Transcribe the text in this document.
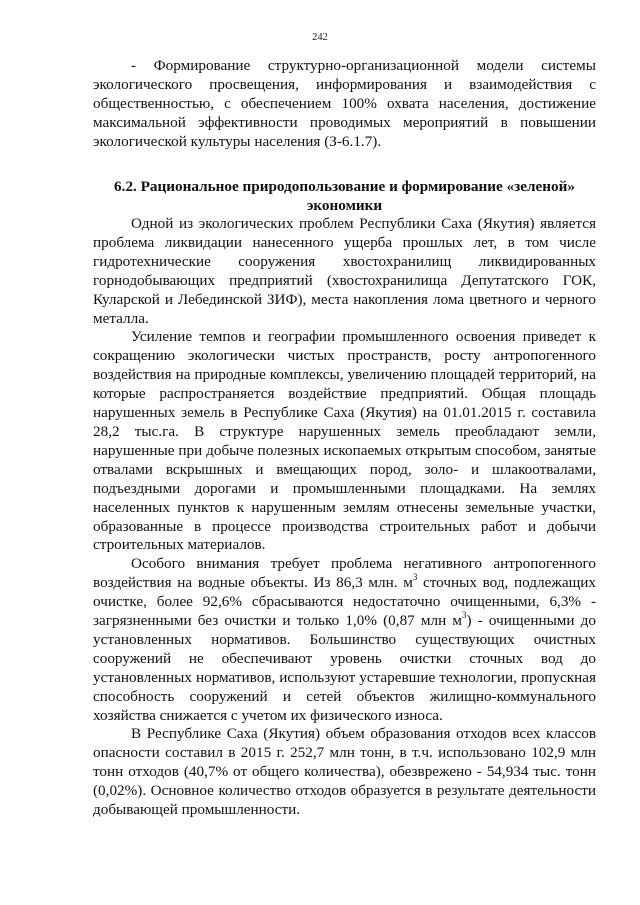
242

- Формирование структурно-организационной модели системы экологического просвещения, информирования и взаимодействия с общественностью, с обеспечением 100% охвата населения, достижение максимальной эффективности проводимых мероприятий в повышении экологической культуры населения (З-6.1.7).

6.2. Рациональное природопользование и формирование «зеленой» экономики

Одной из экологических проблем Республики Саха (Якутия) является проблема ликвидации нанесенного ущерба прошлых лет, в том числе гидротехнические сооружения хвостохранилищ ликвидированных горнодобывающих предприятий (хвостохранилища Депутатского ГОК, Куларской и Лебединской ЗИФ), места накопления лома цветного и черного металла.

Усиление темпов и географии промышленного освоения приведет к сокращению экологически чистых пространств, росту антропогенного воздействия на природные комплексы, увеличению площадей территорий, на которые распространяется воздействие предприятий. Общая площадь нарушенных земель в Республике Саха (Якутия) на 01.01.2015 г. составила 28,2 тыс.га. В структуре нарушенных земель преобладают земли, нарушенные при добыче полезных ископаемых открытым способом, занятые отвалами вскрышных и вмещающих пород, золо- и шлакоотвалами, подъездными дорогами и промышленными площадками. На землях населенных пунктов к нарушенным землям отнесены земельные участки, образованные в процессе производства строительных работ и добычи строительных материалов.

Особого внимания требует проблема негативного антропогенного воздействия на водные объекты. Из 86,3 млн. $м^3$ сточных вод, подлежащих очистке, более 92,6% сбрасываются недостаточно очищенными, 6,3% - загрязненными без очистки и только 1,0% (0,87 млн $м^3$) - очищенными до установленных нормативов. Большинство существующих очистных сооружений не обеспечивают уровень очистки сточных вод до установленных нормативов, используют устаревшие технологии, пропускная способность сооружений и сетей объектов жилищно-коммунального хозяйства снижается с учетом их физического износа.

В Республике Саха (Якутия) объем образования отходов всех классов опасности составил в 2015 г. 252,7 млн тонн, в т.ч. использовано 102,9 млн тонн отходов (40,7% от общего количества), обезврежено - 54,934 тыс. тонн (0,02%). Основное количество отходов образуется в результате деятельности добывающей промышленности.
